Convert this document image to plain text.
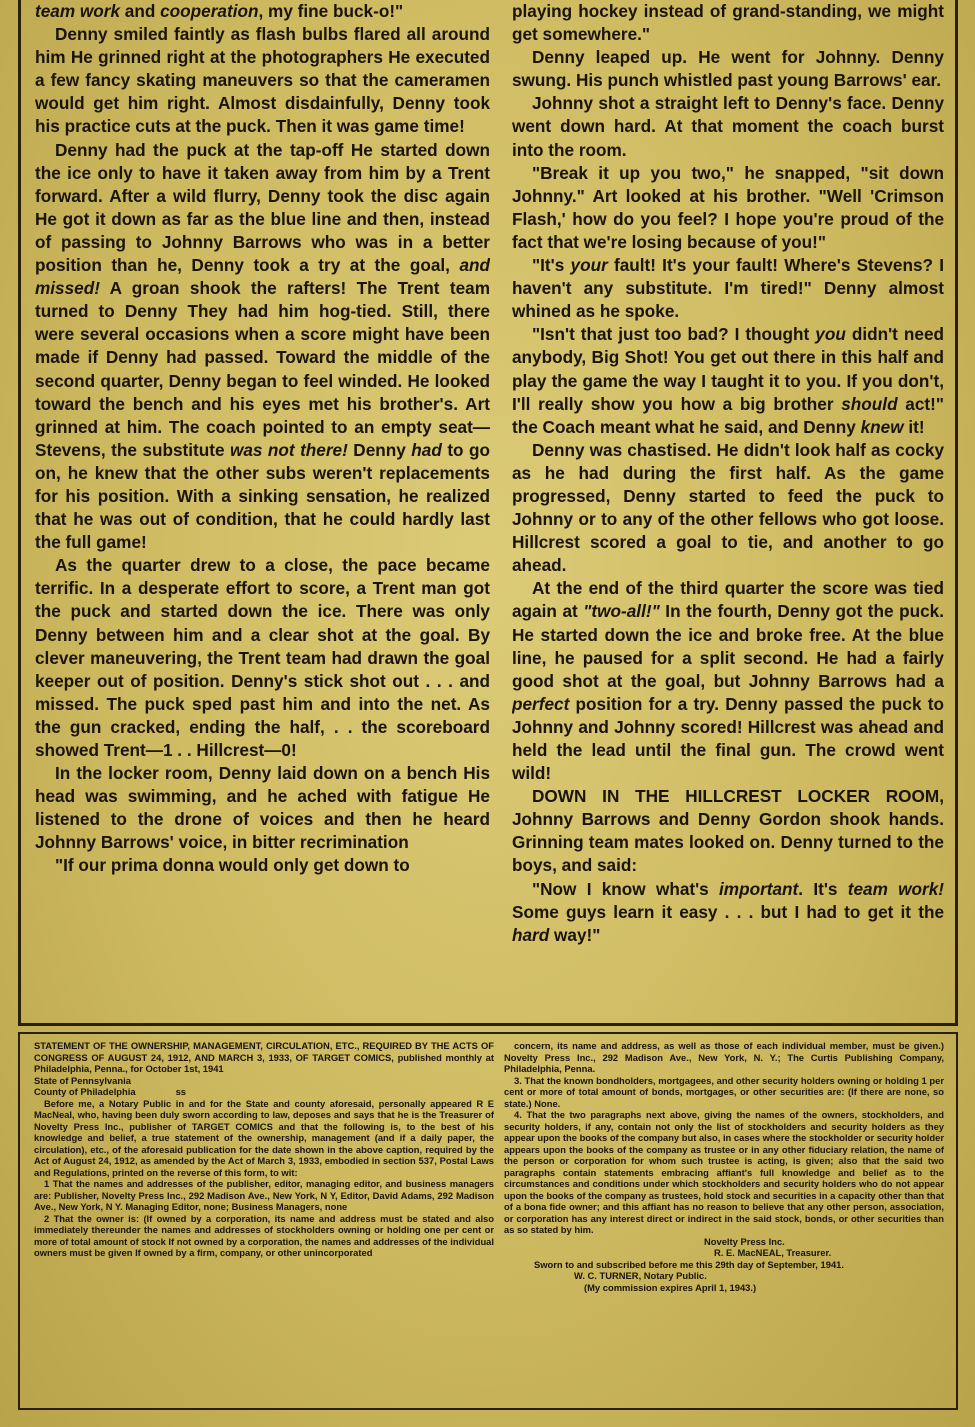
team work and cooperation, my fine buck-o!"

Denny smiled faintly as flash bulbs flared all around him He grinned right at the photographers He executed a few fancy skating maneuvers so that the cameramen would get him right. Almost disdainfully, Denny took his practice cuts at the puck. Then it was game time!

Denny had the puck at the tap-off He started down the ice only to have it taken away from him by a Trent forward. After a wild flurry, Denny took the disc again He got it down as far as the blue line and then, instead of passing to Johnny Barrows who was in a better position than he, Denny took a try at the goal, and missed! A groan shook the rafters! The Trent team turned to Denny They had him hog-tied. Still, there were several occasions when a score might have been made if Denny had passed. Toward the middle of the second quarter, Denny began to feel winded. He looked toward the bench and his eyes met his brother's. Art grinned at him. The coach pointed to an empty seat—Stevens, the substitute was not there! Denny had to go on, he knew that the other subs weren't replacements for his position. With a sinking sensation, he realized that he was out of condition, that he could hardly last the full game!

As the quarter drew to a close, the pace became terrific. In a desperate effort to score, a Trent man got the puck and started down the ice. There was only Denny between him and a clear shot at the goal. By clever maneuvering, the Trent team had drawn the goal keeper out of position. Denny's stick shot out . . . and missed. The puck sped past him and into the net. As the gun cracked, ending the half, . . the scoreboard showed Trent—1 . . Hillcrest—0!

In the locker room, Denny laid down on a bench His head was swimming, and he ached with fatigue He listened to the drone of voices and then he heard Johnny Barrows' voice, in bitter recrimination

"If our prima donna would only get down to

playing hockey instead of grand-standing, we might get somewhere."

Denny leaped up. He went for Johnny. Denny swung. His punch whistled past young Barrows' ear.

Johnny shot a straight left to Denny's face. Denny went down hard. At that moment the coach burst into the room.

"Break it up you two," he snapped, "sit down Johnny." Art looked at his brother. "Well 'Crimson Flash,' how do you feel? I hope you're proud of the fact that we're losing because of you!"

"It's your fault! It's your fault! Where's Stevens? I haven't any substitute. I'm tired!" Denny almost whined as he spoke.

"Isn't that just too bad? I thought you didn't need anybody, Big Shot! You get out there in this half and play the game the way I taught it to you. If you don't, I'll really show you how a big brother should act!" the Coach meant what he said, and Denny knew it!

Denny was chastised. He didn't look half as cocky as he had during the first half. As the game progressed, Denny started to feed the puck to Johnny or to any of the other fellows who got loose. Hillcrest scored a goal to tie, and another to go ahead.

At the end of the third quarter the score was tied again at "two-all!" In the fourth, Denny got the puck. He started down the ice and broke free. At the blue line, he paused for a split second. He had a fairly good shot at the goal, but Johnny Barrows had a perfect position for a try. Denny passed the puck to Johnny and Johnny scored! Hillcrest was ahead and held the lead until the final gun. The crowd went wild!

DOWN IN THE HILLCREST LOCKER ROOM, Johnny Barrows and Denny Gordon shook hands. Grinning team mates looked on. Denny turned to the boys, and said:

"Now I know what's important. It's team work! Some guys learn it easy . . . but I had to get it the hard way!"

STATEMENT OF THE OWNERSHIP, MANAGEMENT, CIRCULATION, ETC., REQUIRED BY THE ACTS OF CONGRESS OF AUGUST 24, 1912, AND MARCH 3, 1933, OF TARGET COMICS, published monthly at Philadelphia, Penna., for October 1st, 1941

State of Pennsylvania

County of Philadelphia	ss

Before me, a Notary Public in and for the State and county aforesaid, personally appeared R E MacNeal, who, having been duly sworn according to law, deposes and says that he is the Treasurer of Novelty Press Inc., publisher of TARGET COMICS and that the following is, to the best of his knowledge and belief, a true statement of the ownership, management (and if a daily paper, the circulation), etc., of the aforesaid publication for the date shown in the above caption, required by the Act of August 24, 1912, as amended by the Act of March 3, 1933, embodied in section 537, Postal Laws and Regulations, printed on the reverse of this form, to wit:

1 That the names and addresses of the publisher, editor, managing editor, and business managers are: Publisher, Novelty Press Inc., 292 Madison Ave., New York, N Y, Editor, David Adams, 292 Madison Ave., New York, N Y. Managing Editor, none; Business Managers, none

2 That the owner is: (If owned by a corporation, its name and address must be stated and also immediately thereunder the names and addresses of stockholders owning or holding one per cent or more of total amount of stock If not owned by a corporation, the names and addresses of the individual owners must be given If owned by a firm, company, or other unincorporated

concern, its name and address, as well as those of each individual member, must be given.) Novelty Press Inc., 292 Madison Ave., New York, N. Y.; The Curtis Publishing Company, Philadelphia, Penna.

3. That the known bondholders, mortgagees, and other security holders owning or holding 1 per cent or more of total amount of bonds, mortgages, or other securities are: (If there are none, so state.) None.

4. That the two paragraphs next above, giving the names of the owners, stockholders, and security holders, if any, contain not only the list of stockholders and security holders as they appear upon the books of the company but also, in cases where the stockholder or security holder appears upon the books of the company as trustee or in any other fiduciary relation, the name of the person or corporation for whom such trustee is acting, is given; also that the said two paragraphs contain statements embracing affiant's full knowledge and belief as to the circumstances and conditions under which stockholders and security holders who do not appear upon the books of the company as trustees, hold stock and securities in a capacity other than that of a bona fide owner; and this affiant has no reason to believe that any other person, association, or corporation has any interest direct or indirect in the said stock, bonds, or other securities than as so stated by him.

Novelty Press Inc.

R. E. MacNEAL, Treasurer.

Sworn to and subscribed before me this 29th day of September, 1941.

W. C. TURNER, Notary Public.

(My commission expires April 1, 1943.)
